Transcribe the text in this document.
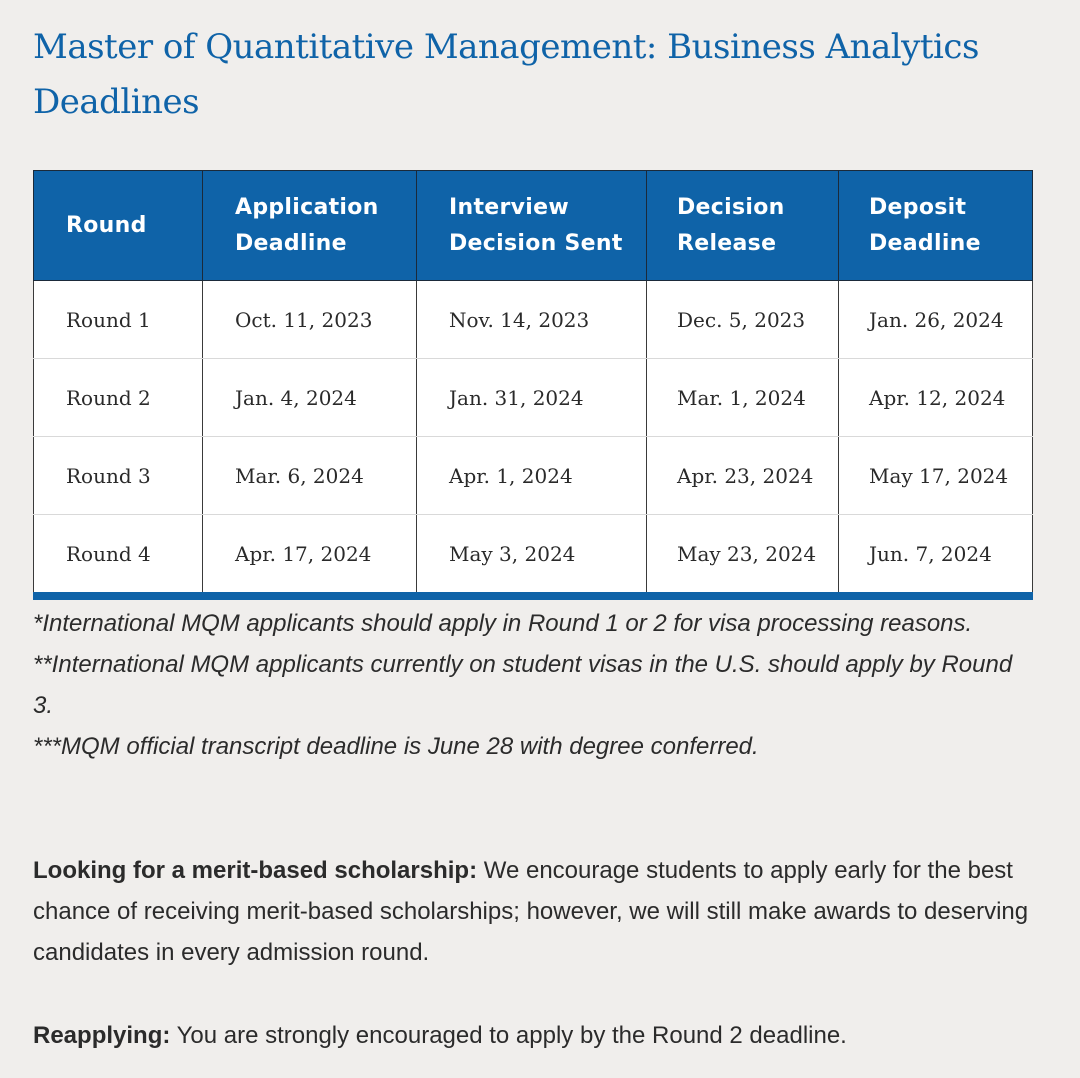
Master of Quantitative Management: Business Analytics Deadlines
Round	Application Deadline	Interview Decision Sent	Decision Release	Deposit Deadline
Round 1	Oct. 11, 2023	Nov. 14, 2023	Dec. 5, 2023	Jan. 26, 2024
Round 2	Jan. 4, 2024	Jan. 31, 2024	Mar. 1, 2024	Apr. 12, 2024
Round 3	Mar. 6, 2024	Apr. 1, 2024	Apr. 23, 2024	May 17, 2024
Round 4	Apr. 17, 2024	May 3, 2024	May 23, 2024	Jun. 7, 2024

*International MQM applicants should apply in Round 1 or 2 for visa processing reasons.

**International MQM applicants currently on student visas in the U.S. should apply by Round 3.

***MQM official transcript deadline is June 28 with degree conferred.

Looking for a merit-based scholarship: We encourage students to apply early for the best chance of receiving merit-based scholarships; however, we will still make awards to deserving candidates in every admission round.

Reapplying: You are strongly encouraged to apply by the Round 2 deadline.
